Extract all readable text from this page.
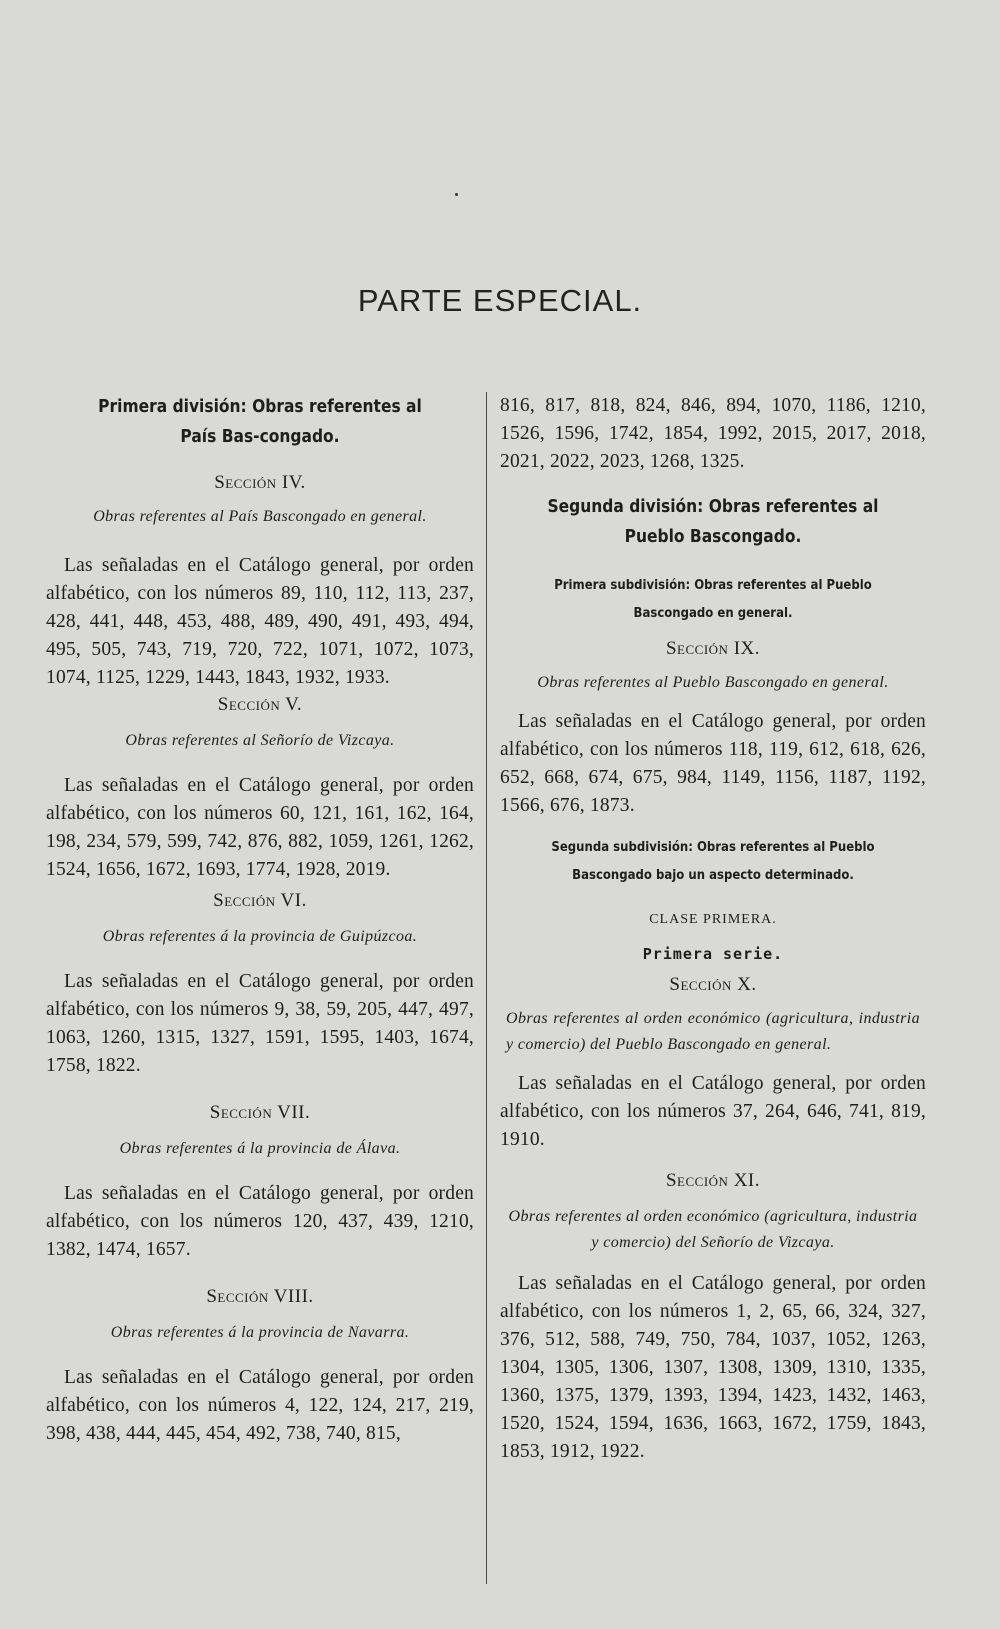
PARTE ESPECIAL.
Primera división: Obras referentes al País Bas-congado.
Sección IV.
Obras referentes al País Bascongado en general.
Las señaladas en el Catálogo general, por orden alfabético, con los números 89, 110, 112, 113, 237, 428, 441, 448, 453, 488, 489, 490, 491, 493, 494, 495, 505, 743, 719, 720, 722, 1071, 1072, 1073, 1074, 1125, 1229, 1443, 1843, 1932, 1933.
Sección V.
Obras referentes al Señorío de Vizcaya.
Las señaladas en el Catálogo general, por orden alfabético, con los números 60, 121, 161, 162, 164, 198, 234, 579, 599, 742, 876, 882, 1059, 1261, 1262, 1524, 1656, 1672, 1693, 1774, 1928, 2019.
Sección VI.
Obras referentes á la provincia de Guipúzcoa.
Las señaladas en el Catálogo general, por orden alfabético, con los números 9, 38, 59, 205, 447, 497, 1063, 1260, 1315, 1327, 1591, 1595, 1403, 1674, 1758, 1822.
Sección VII.
Obras referentes á la provincia de Álava.
Las señaladas en el Catálogo general, por orden alfabético, con los números 120, 437, 439, 1210, 1382, 1474, 1657.
Sección VIII.
Obras referentes á la provincia de Navarra.
Las señaladas en el Catálogo general, por orden alfabético, con los números 4, 122, 124, 217, 219, 398, 438, 444, 445, 454, 492, 738, 740, 815,
816, 817, 818, 824, 846, 894, 1070, 1186, 1210, 1526, 1596, 1742, 1854, 1992, 2015, 2017, 2018, 2021, 2022, 2023, 1268, 1325.
Segunda división: Obras referentes al Pueblo Bascongado.
Primera subdivisión: Obras referentes al Pueblo Bascongado en general.
Sección IX.
Obras referentes al Pueblo Bascongado en general.
Las señaladas en el Catálogo general, por orden alfabético, con los números 118, 119, 612, 618, 626, 652, 668, 674, 675, 984, 1149, 1156, 1187, 1192, 1566, 676, 1873.
Segunda subdivisión: Obras referentes al Pueblo Bascongado bajo un aspecto determinado.
CLASE PRIMERA.
Primera serie.
Sección X.
Obras referentes al orden económico (agricultura, industria y comercio) del Pueblo Bascongado en general.
Las señaladas en el Catálogo general, por orden alfabético, con los números 37, 264, 646, 741, 819, 1910.
Sección XI.
Obras referentes al orden económico (agricultura, industria y comercio) del Señorío de Vizcaya.
Las señaladas en el Catálogo general, por orden alfabético, con los números 1, 2, 65, 66, 324, 327, 376, 512, 588, 749, 750, 784, 1037, 1052, 1263, 1304, 1305, 1306, 1307, 1308, 1309, 1310, 1335, 1360, 1375, 1379, 1393, 1394, 1423, 1432, 1463, 1520, 1524, 1594, 1636, 1663, 1672, 1759, 1843, 1853, 1912, 1922.
